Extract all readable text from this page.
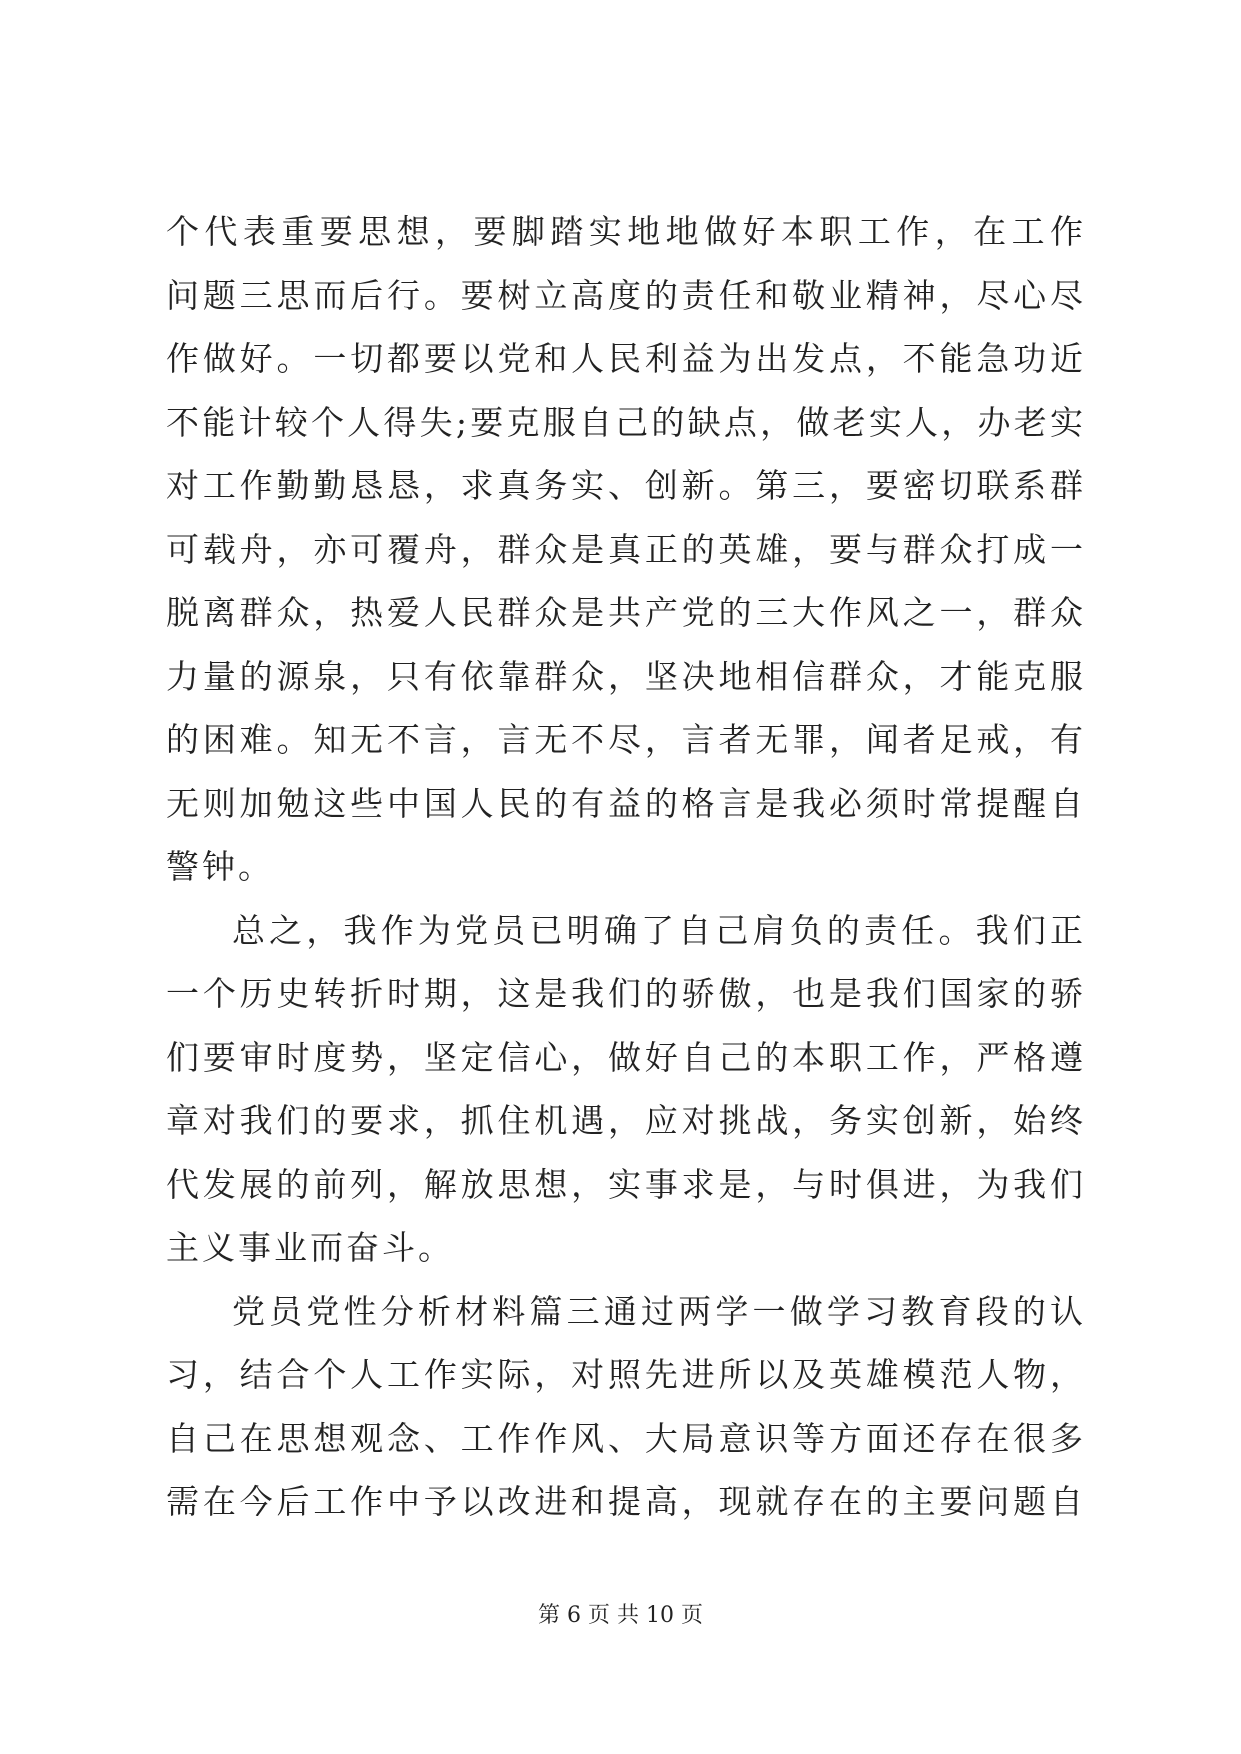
个代表重要思想，要脚踏实地地做好本职工作，在工作
问题三思而后行。要树立高度的责任和敬业精神，尽心尽
作做好。一切都要以党和人民利益为出发点，不能急功近
不能计较个人得失;要克服自己的缺点，做老实人，办老实
对工作勤勤恳恳，求真务实、创新。第三，要密切联系群
可载舟，亦可覆舟，群众是真正的英雄，要与群众打成一
脱离群众，热爱人民群众是共产党的三大作风之一，群众
力量的源泉，只有依靠群众，坚决地相信群众，才能克服
的困难。知无不言，言无不尽，言者无罪，闻者足戒，有
无则加勉这些中国人民的有益的格言是我必须时常提醒自
警钟。
总之，我作为党员已明确了自己肩负的责任。我们正
一个历史转折时期，这是我们的骄傲，也是我们国家的骄
们要审时度势，坚定信心，做好自己的本职工作，严格遵
章对我们的要求，抓住机遇，应对挑战，务实创新，始终
代发展的前列，解放思想，实事求是，与时俱进，为我们
主义事业而奋斗。
党员党性分析材料篇三通过两学一做学习教育段的认
习，结合个人工作实际，对照先进所以及英雄模范人物，
自己在思想观念、工作作风、大局意识等方面还存在很多
需在今后工作中予以改进和提高，现就存在的主要问题自
第 6 页 共 10 页
